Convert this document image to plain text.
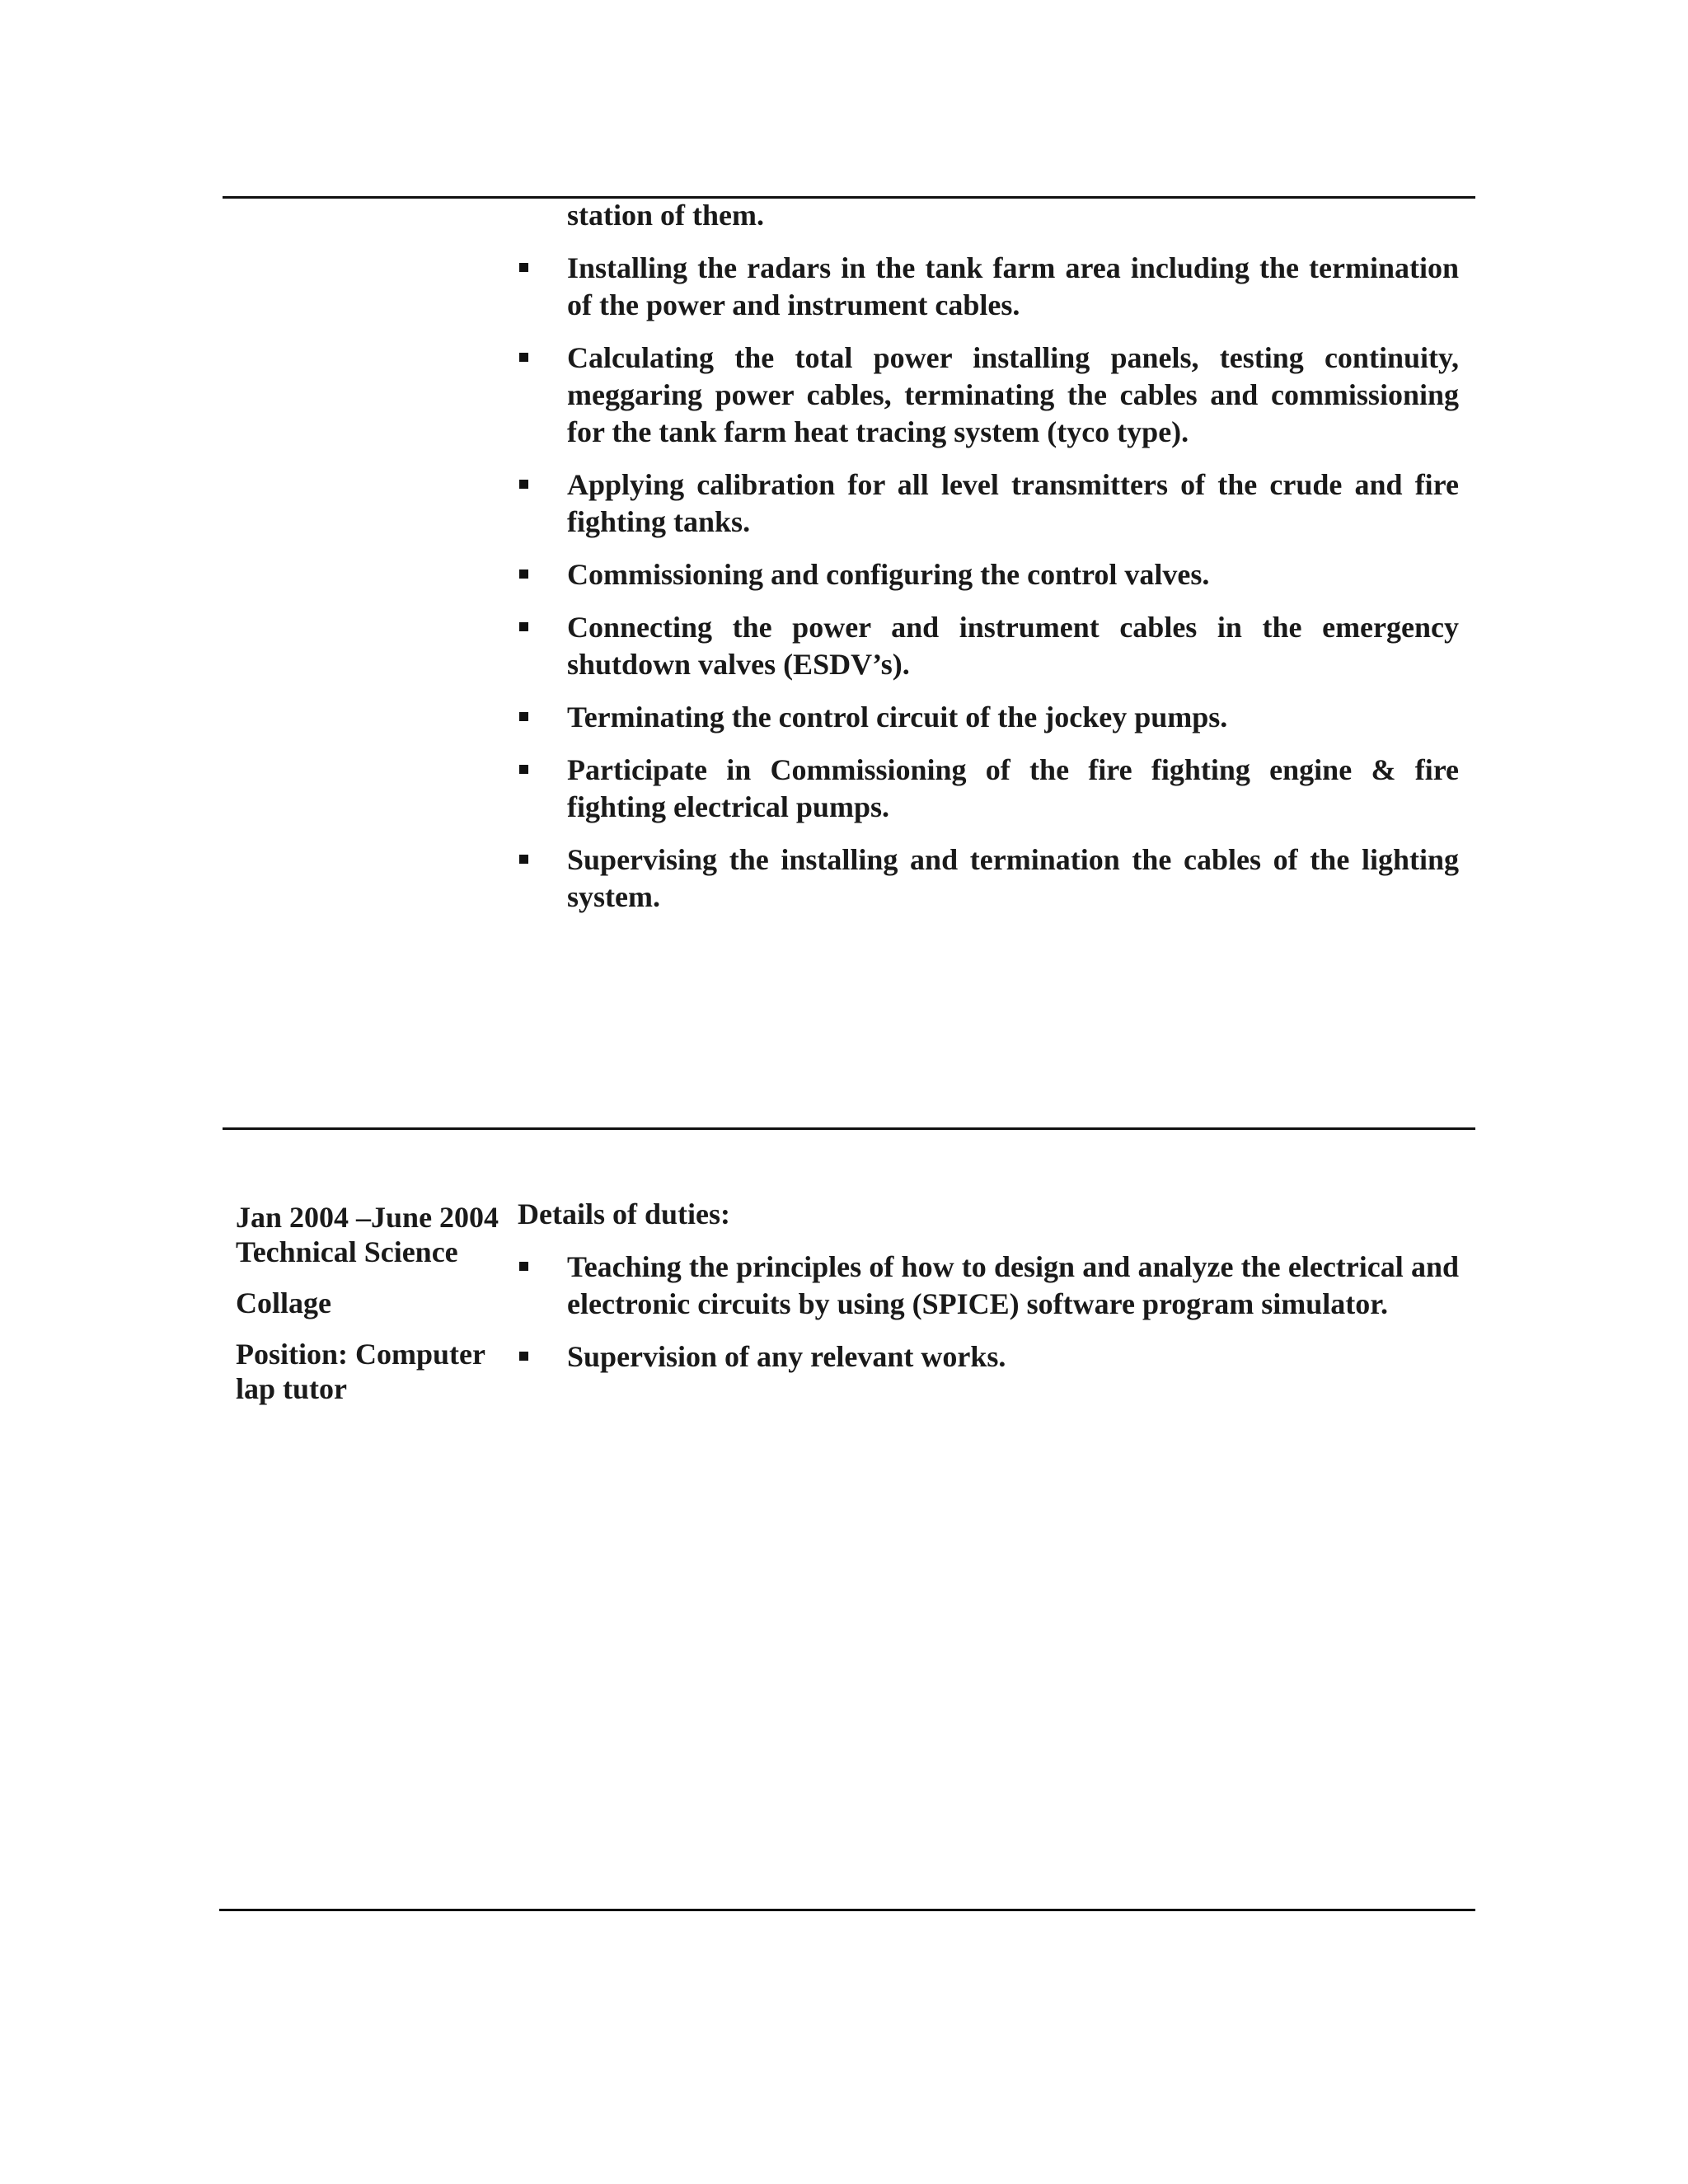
station of them.

Installing the radars in the tank farm area including the termination of the power and instrument cables.
Calculating the total power installing panels, testing continuity, meggaring power cables, terminating the cables and commissioning for the tank farm heat tracing system (tyco type).
Applying calibration for all level transmitters of the crude and fire fighting tanks.
Commissioning and configuring the control valves.
Connecting the power and instrument cables in the emergency shutdown valves (ESDV’s).
Terminating the control circuit of the jockey pumps.
Participate in Commissioning of the fire fighting engine & fire fighting electrical pumps.
Supervising the installing and termination the cables of the lighting system.

Jan 2004 –June 2004

Technical Science

Collage

Position: Computer lap tutor

Details of duties:

Teaching the principles of how to design and analyze the electrical and electronic circuits by using (SPICE) software program simulator.
Supervision of any relevant works.
